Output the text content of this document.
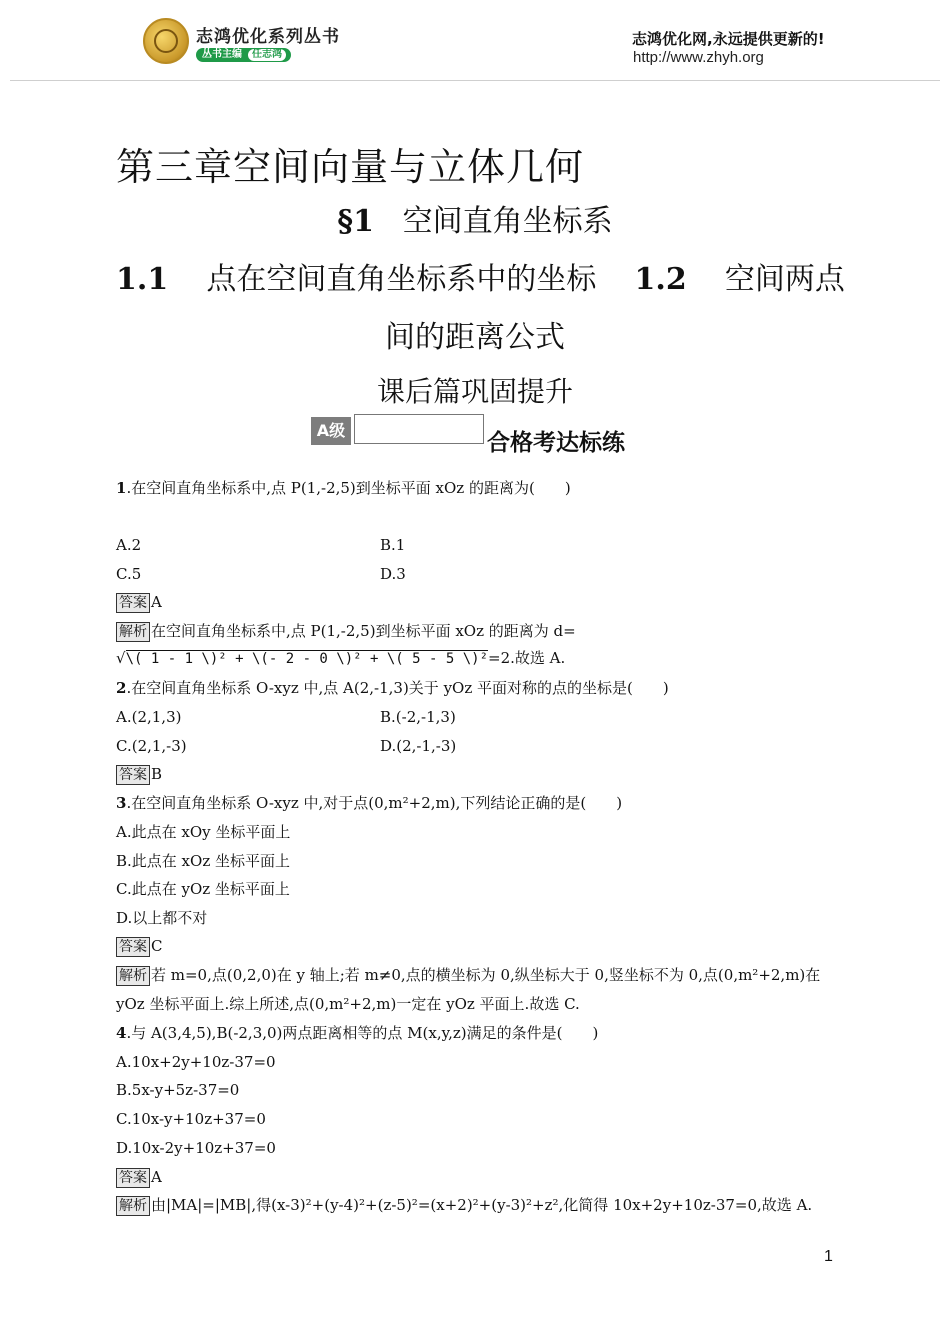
志鸿优化系列丛书
丛书主编	任志鸿
志鸿优化网,永远提供更新的!
http://www.zhyh.org
第三章空间向量与立体几何
§1 空间直角坐标系
1.1 点在空间直角坐标系中的坐标 1.2 空间两点
间的距离公式
课后篇巩固提升
A级	合格考达标练
1.在空间直角坐标系中,点 P(1,-2,5)到坐标平面 xOz 的距离为(　　)
A.2	B.1
C.5	D.3
答案 A
解析 在空间直角坐标系中,点 P(1,-2,5)到坐标平面 xOz 的距离为 d=
√\( 1 - 1 \)² + \(- 2 - 0 \)² + \( 5 - 5 \)²=2.故选 A.
2.在空间直角坐标系 O-xyz 中,点 A(2,-1,3)关于 yOz 平面对称的点的坐标是(　　)
A.(2,1,3)	B.(-2,-1,3)
C.(2,1,-3)	D.(2,-1,-3)
答案 B
3.在空间直角坐标系 O-xyz 中,对于点(0,m²+2,m),下列结论正确的是(　　)
A.此点在 xOy 坐标平面上
B.此点在 xOz 坐标平面上
C.此点在 yOz 坐标平面上
D.以上都不对
答案 C
解析 若 m=0,点(0,2,0)在 y 轴上;若 m≠0,点的横坐标为 0,纵坐标大于 0,竖坐标不为 0,点(0,m²+2,m)在
yOz 坐标平面上.综上所述,点(0,m²+2,m)一定在 yOz 平面上.故选 C.
4.与 A(3,4,5),B(-2,3,0)两点距离相等的点 M(x,y,z)满足的条件是(　　)
A.10x+2y+10z-37=0
B.5x-y+5z-37=0
C.10x-y+10z+37=0
D.10x-2y+10z+37=0
答案 A
解析 由|MA|=|MB|,得(x-3)²+(y-4)²+(z-5)²=(x+2)²+(y-3)²+z²,化简得 10x+2y+10z-37=0,故选 A.
1
